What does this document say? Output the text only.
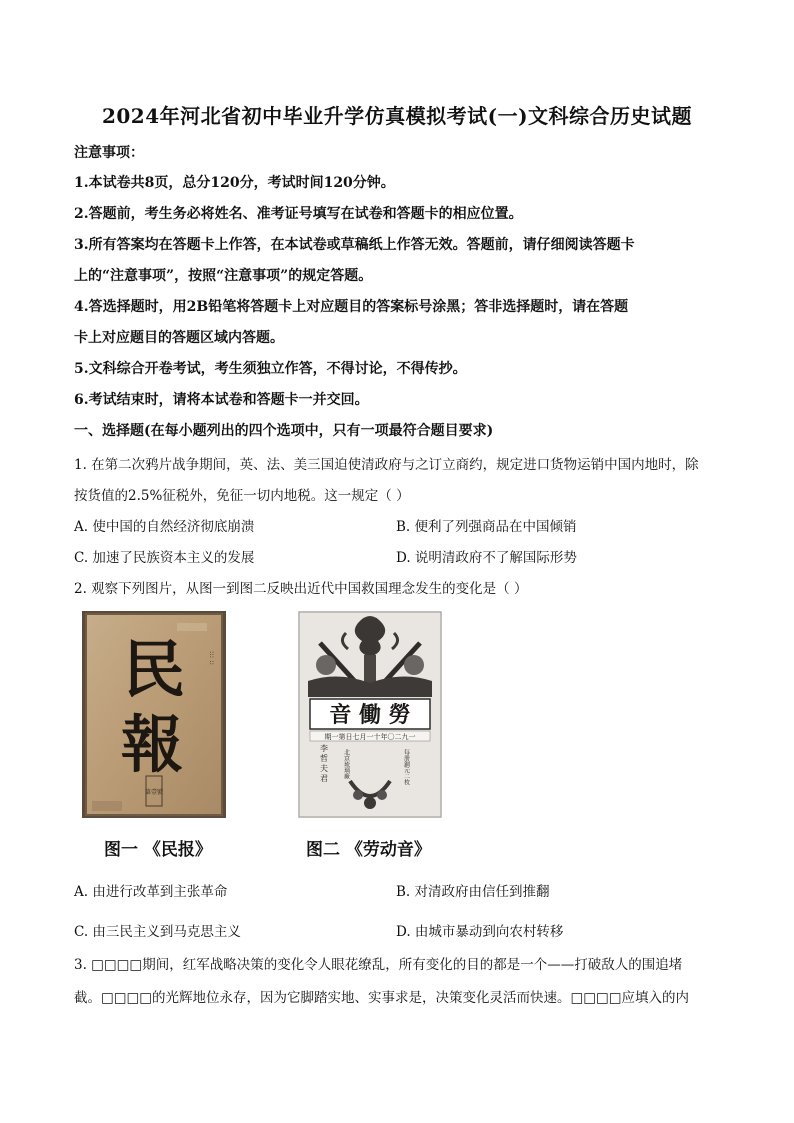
2024年河北省初中毕业升学仿真模拟考试(一)文科综合历史试题
注意事项：
1.本试卷共8页，总分120分，考试时间120分钟。
2.答题前，考生务必将姓名、准考证号填写在试卷和答题卡的相应位置。
3.所有答案均在答题卡上作答，在本试卷或草稿纸上作答无效。答题前，请仔细阅读答题卡
上的“注意事项”，按照“注意事项”的规定答题。
4.答选择题时，用2B铅笔将答题卡上对应题目的答案标号涂黑；答非选择题时，请在答题
卡上对应题目的答题区域内答题。
5.文科综合开卷考试，考生须独立作答，不得讨论，不得传抄。
6.考试结束时，请将本试卷和答题卡一并交回。
一、选择题(在每小题列出的四个选项中，只有一项最符合题目要求)
1. 在第二次鸦片战争期间，英、法、美三国迫使清政府与之订立商约，规定进口货物运销中国内地时，除
按货值的2.5%征税外，免征一切内地税。这一规定（ ）
A. 使中国的自然经济彻底崩溃	B. 便利了列强商品在中国倾销
C. 加速了民族资本主义的发展	D. 说明清政府不了解国际形势
2. 观察下列图片，从图一到图二反映出近代中国救国理念发生的变化是（ ）
民
報
第壹號
::: ::
音 働 勞
期一第日七月一十年〇二九一
李
哲
夫
君 北京琉璃廠	每册銅元二枚
图一 《民报》	图二 《劳动音》
A. 由进行改革到主张革命	B. 对清政府由信任到推翻
C. 由三民主义到马克思主义	D. 由城市暴动到向农村转移
3. □□□□期间，红军战略决策的变化令人眼花缭乱，所有变化的目的都是一个——打破敌人的围追堵
截。□□□□的光辉地位永存，因为它脚踏实地、实事求是，决策变化灵活而快速。□□□□应填入的内
